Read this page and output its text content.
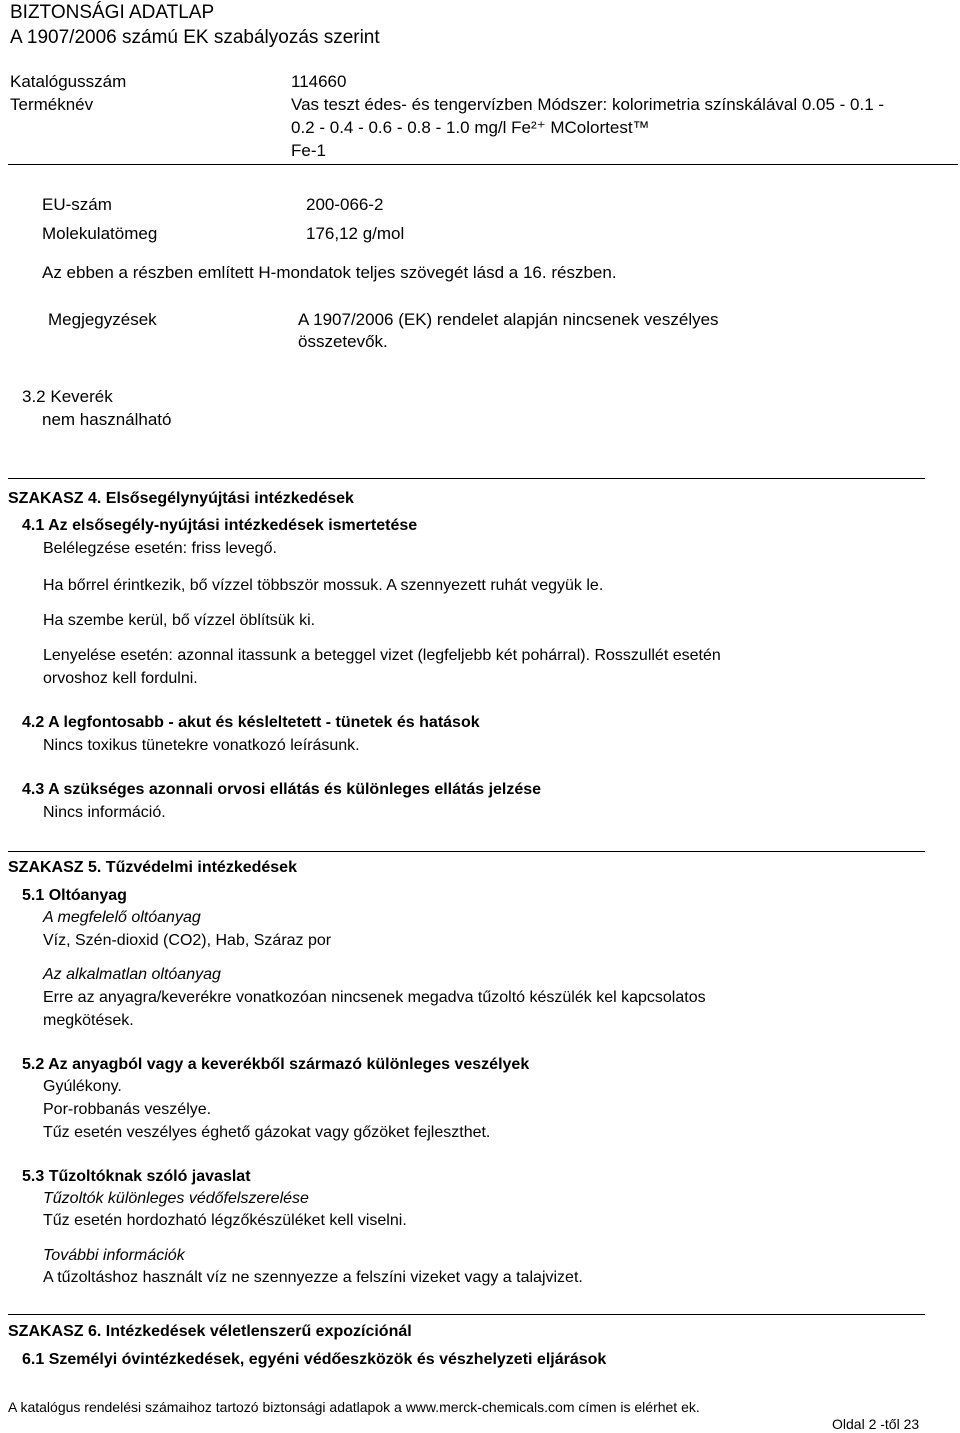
BIZTONSÁGI ADATLAP
A 1907/2006 számú EK szabályozás szerint
Katalógusszám	114660
Terméknév	Vas teszt édes- és tengervízben Módszer: kolorimetria színskálával 0.05 - 0.1 -
0.2 - 0.4 - 0.6 - 0.8 - 1.0 mg/l Fe²⁺ MColortest™
Fe-1
EU-szám	200-066-2
Molekulatömeg	176,12 g/mol
Az ebben a részben említett H-mondatok teljes szövegét lásd a 16. részben.
Megjegyzések	A 1907/2006 (EK) rendelet alapján nincsenek veszélyes
összetevők.
3.2 Keverék
nem használható
SZAKASZ 4. Elsősegélynyújtási intézkedések
4.1 Az elsősegély-nyújtási intézkedések ismertetése
Belélegzése esetén: friss levegő.
Ha bőrrel érintkezik, bő vízzel többször mossuk. A szennyezett ruhát vegyük le.
Ha szembe kerül, bő vízzel öblítsük ki.
Lenyelése esetén: azonnal itassunk a beteggel vizet (legfeljebb két pohárral). Rosszullét esetén
orvoshoz kell fordulni.
4.2 A legfontosabb - akut és késleltetett - tünetek és hatások
Nincs toxikus tünetekre vonatkozó leírásunk.
4.3 A szükséges azonnali orvosi ellátás és különleges ellátás jelzése
Nincs információ.
SZAKASZ 5. Tűzvédelmi intézkedések
5.1 Oltóanyag
A megfelelő oltóanyag
Víz, Szén-dioxid (CO2), Hab, Száraz por
Az alkalmatlan oltóanyag
Erre az anyagra/keverékre vonatkozóan nincsenek megadva tűzoltó készülék kel kapcsolatos
megkötések.
5.2 Az anyagból vagy a keverékből származó különleges veszélyek
Gyúlékony.
Por-robbanás veszélye.
Tűz esetén veszélyes éghető gázokat vagy gőzöket fejleszthet.
5.3 Tűzoltóknak szóló javaslat
Tűzoltók különleges védőfelszerelése
Tűz esetén hordozható légzőkészüléket kell viselni.
További információk
A tűzoltáshoz használt víz ne szennyezze a felszíni vizeket vagy a talajvizet.
SZAKASZ 6. Intézkedések véletlenszerű expozíciónál
6.1 Személyi óvintézkedések, egyéni védőeszközök és vészhelyzeti eljárások
A katalógus rendelési számaihoz tartozó biztonsági adatlapok a www.merck-chemicals.com címen is elérhet ek.
Oldal 2 -től 23
